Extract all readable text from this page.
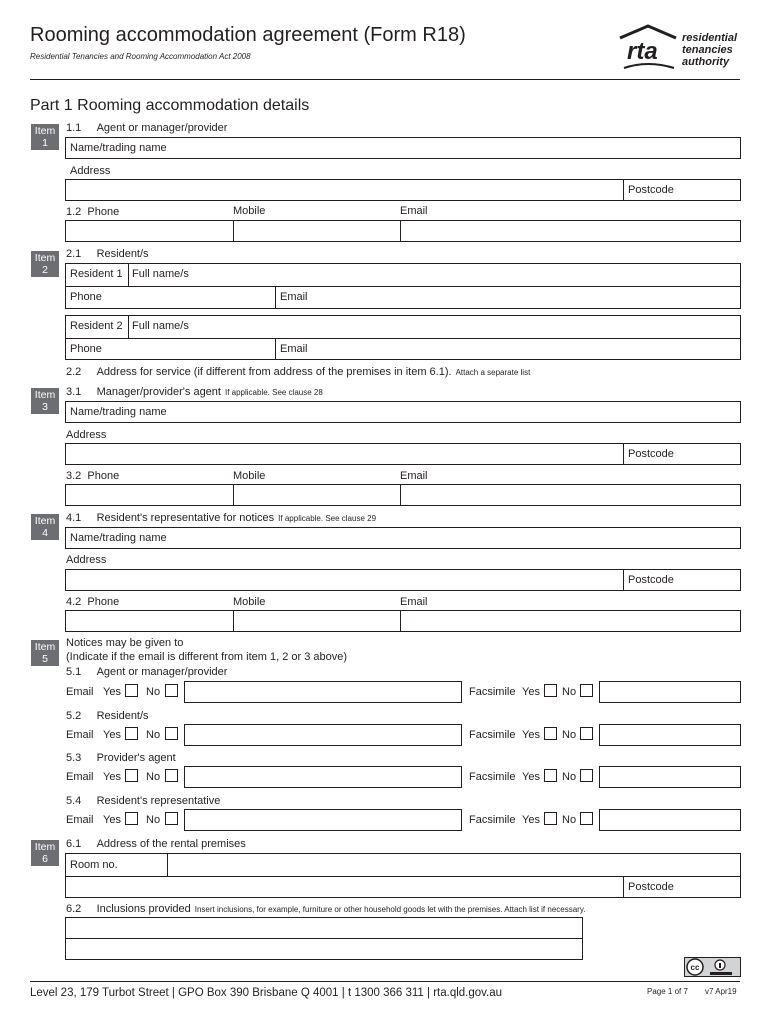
Rooming accommodation agreement (Form R18)
Residential Tenancies and Rooming Accommodation Act 2008	rta residential
tenancies
authority
Part 1 Rooming accommodation details
Item
1
1.1 Agent or manager/provider
Name/trading name
Address
Postcode
1.2 Phone	Mobile	Email
Item
2
2.1 Resident/s
Resident 1 Full name/s
Phone	Email
Resident 2 Full name/s
Phone	Email
2.2 Address for service (if different from address of the premises in item 6.1). Attach a separate list
Item
3
3.1 Manager/provider's agent If applicable. See clause 28
Name/trading name
Address
Postcode
3.2 Phone	Mobile	Email
Item
4
4.1 Resident's representative for notices If applicable. See clause 29
Name/trading name
Address
Postcode
4.2 Phone	Mobile	Email
Item
5
Notices may be given to
(Indicate if the email is different from item 1, 2 or 3 above)
5.1 Agent or manager/provider
Email Yes No	Facsimile Yes No
5.2 Resident/s
Email Yes No	Facsimile Yes No
5.3 Provider's agent
Email Yes No	Facsimile Yes No
5.4 Resident's representative
Email Yes No	Facsimile Yes No
Item
6
6.1 Address of the rental premises
Room no.
Postcode
6.2 Inclusions provided Insert inclusions, for example, furniture or other household goods let with the premises. Attach list if necessary.
cc
Level 23, 179 Turbot Street | GPO Box 390 Brisbane Q 4001 | t 1300 366 311 | rta.qld.gov.au	Page 1 of 7 v7 Apr19
